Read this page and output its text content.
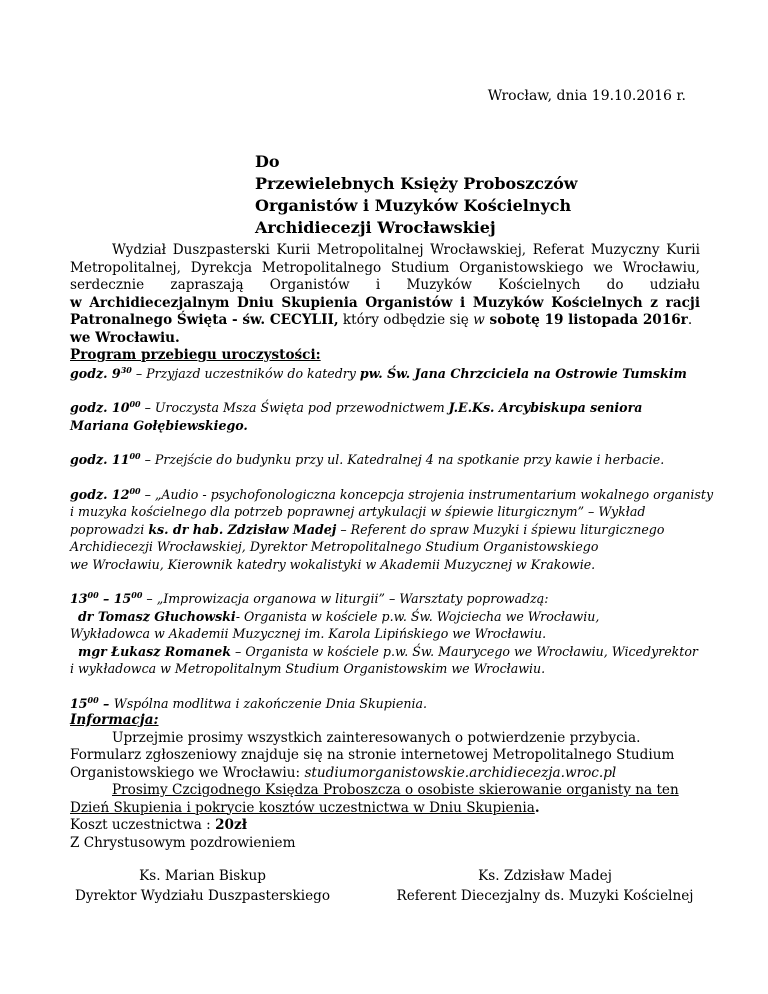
Wrocław, dnia 19.10.2016 r.
Do
Przewielebnych Księży Proboszczów
Organistów i Muzyków Kościelnych
Archidiecezji Wrocławskiej

Wydział Duszpasterski Kurii Metropolitalnej Wrocławskiej, Referat Muzyczny Kurii

Metropolitalnej, Dyrekcja Metropolitalnego Studium Organistowskiego we Wrocławiu,

serdecznie zapraszają Organistów i Muzyków Kościelnych do udziału

w Archidiecezjalnym Dniu Skupienia Organistów i Muzyków Kościelnych z racji

Patronalnego Święta - św. CECYLII, który odbędzie się w sobotę 19 listopada 2016r.

we Wrocławiu.

Program przebiegu uroczystości:

godz. $9^{30}$ – Przyjazd uczestników do katedry pw. Św. Jana Chrzciciela na Ostrowie Tumskim

godz. $10^{00}$ – Uroczysta Msza Święta pod przewodnictwem J.E.Ks. Arcybiskupa seniora

Mariana Gołębiewskiego.

godz. $11^{00}$ – Przejście do budynku przy ul. Katedralnej 4 na spotkanie przy kawie i herbacie.

godz. $12^{00}$ – „Audio - psychofonologiczna koncepcja strojenia instrumentarium wokalnego organisty

i muzyka kościelnego dla potrzeb poprawnej artykulacji w śpiewie liturgicznym” – Wykład

poprowadzi ks. dr hab. Zdzisław Madej – Referent do spraw Muzyki i śpiewu liturgicznego

Archidiecezji Wrocławskiej, Dyrektor Metropolitalnego Studium Organistowskiego

we Wrocławiu, Kierownik katedry wokalistyki w Akademii Muzycznej w Krakowie.

$13^{00} - 15^{00}$ – „Improwizacja organowa w liturgii” – Warsztaty poprowadzą:

dr Tomasz Głuchowski- Organista w kościele p.w. Św. Wojciecha we Wrocławiu,

Wykładowca w Akademii Muzycznej im. Karola Lipińskiego we Wrocławiu.

mgr Łukasz Romanek – Organista w kościele p.w. Św. Maurycego we Wrocławiu, Wicedyrektor

i wykładowca w Metropolitalnym Studium Organistowskim we Wrocławiu.

$15^{00}$ – Wspólna modlitwa i zakończenie Dnia Skupienia.

Informacja:

Uprzejmie prosimy wszystkich zainteresowanych o potwierdzenie przybycia.

Formularz zgłoszeniowy znajduje się na stronie internetowej Metropolitalnego Studium

Organistowskiego we Wrocławiu: studiumorganistowskie.archidiecezja.wroc.pl

Prosimy Czcigodnego Księdza Proboszcza o osobiste skierowanie organisty na ten

Dzień Skupienia i pokrycie kosztów uczestnictwa w Dniu Skupienia.

Koszt uczestnictwa : 20zł

Z Chrystusowym pozdrowieniem

Ks. Marian Biskup
Dyrektor Wydziału Duszpasterskiego
Ks. Zdzisław Madej
Referent Diecezjalny ds. Muzyki Kościelnej
